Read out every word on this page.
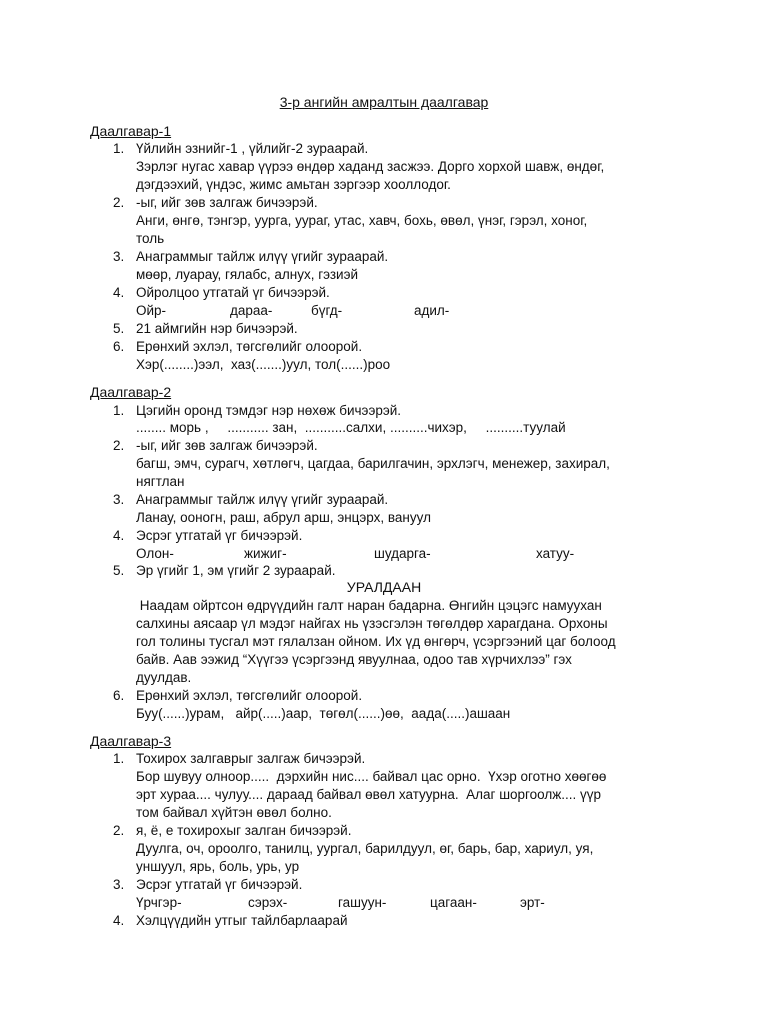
3-р ангийн амралтын даалгавар
Даалгавар-1
1. Үйлийн эзнийг-1 , үйлийг-2 зураарай.
Зэрлэг нугас хавар үүрээ өндөр хаданд засжээ. Дорго хорхой шавж, өндөг,
дэгдээхий, үндэс, жимс амьтан зэргээр хооллодог.
2. -ыг, ийг зөв залгаж бичээрэй.
Анги, өнгө, тэнгэр, уурга, уураг, утас, хавч, бохь, өвөл, үнэг, гэрэл, хоног,
толь
3. Анаграммыг тайлж илүү үгийг зураарай.
мөөр, луарау, гялабс, алнух, гэзиэй
4. Ойролцоо утгатай үг бичээрэй.
Ойр-	дараа-	бүгд-	адил-
5. 21 аймгийн нэр бичээрэй.
6. Ерөнхий эхлэл, төгсгөлийг олоорой.
Хэр(........)ээл,  хаз(.......)уул, тол(......)роо
Даалгавар-2
1. Цэгийн оронд тэмдэг нэр нөхөж бичээрэй.
........ морь ,     ........... зан,  ...........салхи, ..........чихэр,     ..........туулай
2. -ыг, ийг зөв залгаж бичээрэй.
багш, эмч, сурагч, хөтлөгч, цагдаа, барилгачин, эрхлэгч, менежер, захирал,
нягтлан
3. Анаграммыг тайлж илүү үгийг зураарай.
Ланау, ооногн, раш, абрул арш, энцэрх, вануул
4. Эсрэг утгатай үг бичээрэй.
Олон-	жижиг-	шударга-	хатуу-
5. Эр үгийг 1, эм үгийг 2 зураарай.
УРАЛДААН
Наадам ойртсон өдрүүдийн галт наран бадарна. Өнгийн цэцэгс намуухан
салхины аясаар үл мэдэг найгах нь үзэсгэлэн төгөлдөр харагдана. Орхоны
гол толины тусгал мэт гялалзан ойном. Их үд өнгөрч, үсэргээний цаг болоод
байв. Аав ээжид “Хүүгээ үсэргээнд явуулнаа, одоо тав хүрчихлээ” гэх
дуулдав.
6. Ерөнхий эхлэл, төгсгөлийг олоорой.
Буу(......)урам,   айр(.....)аар,  төгөл(......)өө,  аада(.....)ашаан
Даалгавар-3
1. Тохирох залгаврыг залгаж бичээрэй.
Бор шувуу олноор.....  дэрхийн нис.... байвал цас орно.  Үхэр оготно хөөгөө
эрт хураа.... чулуу.... дараад байвал өвөл хатуурна.  Алаг шоргоолж.... үүр
том байвал хүйтэн өвөл болно.
2. я, ё, е тохирохыг залган бичээрэй.
Дуулга, оч, ороолго, танилц, уургал, барилдуул, өг, барь, бар, хариул, уя,
уншуул, ярь, боль, урь, ур
3. Эсрэг утгатай үг бичээрэй.
Үрчгэр-	сэрэх-	гашуун-	цагаан-	эрт-
4. Хэлцүүдийн утгыг тайлбарлаарай
